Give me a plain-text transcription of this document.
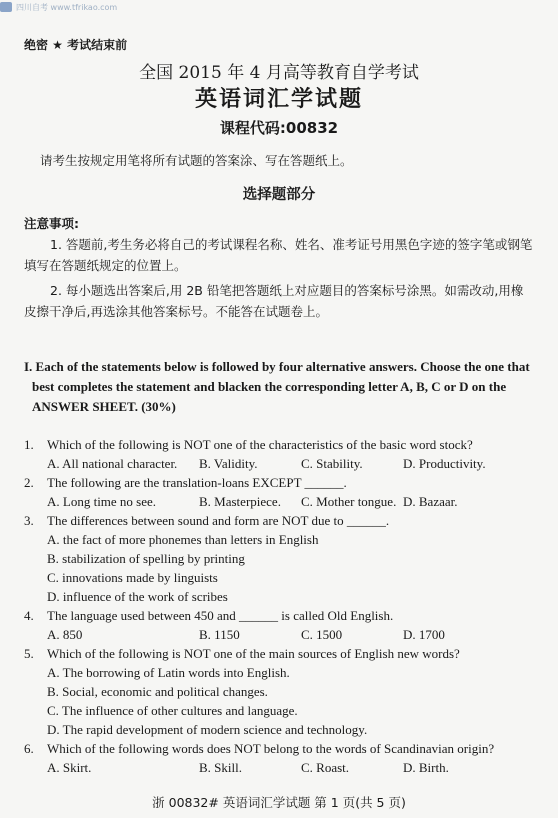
四川自考 www.tfrikao.com
绝密 ★ 考试结束前
全国 2015 年 4 月高等教育自学考试
英语词汇学试题
课程代码:00832
请考生按规定用笔将所有试题的答案涂、写在答题纸上。
选择题部分
注意事项:
1. 答题前,考生务必将自己的考试课程名称、姓名、准考证号用黑色字迹的签字笔或钢笔填写在答题纸规定的位置上。
2. 每小题选出答案后,用 2B 铅笔把答题纸上对应题目的答案标号涂黑。如需改动,用橡皮擦干净后,再选涂其他答案标号。不能答在试题卷上。
I. Each of the statements below is followed by four alternative answers. Choose the one that
best completes the statement and blacken the corresponding letter A, B, C or D on the
ANSWER SHEET. (30%)
1.	Which of the following is NOT one of the characteristics of the basic word stock?
A. All national character.	B. Validity.	C. Stability.	D. Productivity.
2.	The following are the translation-loans EXCEPT ______.
A. Long time no see.	B. Masterpiece.	C. Mother tongue. D. Bazaar.
3.	The differences between sound and form are NOT due to ______.
A. the fact of more phonemes than letters in English
B. stabilization of spelling by printing
C. innovations made by linguists
D. influence of the work of scribes
4.	The language used between 450 and ______ is called Old English.
A. 850	B. 1150	C. 1500	D. 1700
5.	Which of the following is NOT one of the main sources of English new words?
A. The borrowing of Latin words into English.
B. Social, economic and political changes.
C. The influence of other cultures and language.
D. The rapid development of modern science and technology.
6.	Which of the following words does NOT belong to the words of Scandinavian origin?
A. Skirt.	B. Skill.	C. Roast.	D. Birth.
浙 00832# 英语词汇学试题 第 1 页(共 5 页)
